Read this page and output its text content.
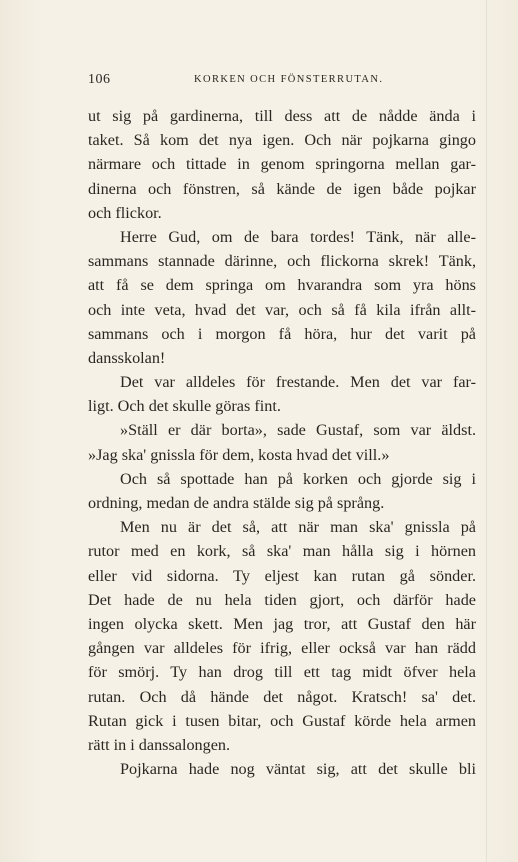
106	KORKEN OCH FÖNSTERRUTAN.
ut sig på gardinerna, till dess att de nådde ända i
taket. Så kom det nya igen. Och när pojkarna gingo
närmare och tittade in genom springorna mellan gar-
dinerna och fönstren, så kände de igen både pojkar
och flickor.
Herre Gud, om de bara tordes! Tänk, när alle-
sammans stannade därinne, och flickorna skrek! Tänk,
att få se dem springa om hvarandra som yra höns
och inte veta, hvad det var, och så få kila ifrån allt-
sammans och i morgon få höra, hur det varit på
dansskolan!
Det var alldeles för frestande. Men det var far-
ligt. Och det skulle göras fint.
»Ställ er där borta», sade Gustaf, som var äldst.
»Jag ska' gnissla för dem, kosta hvad det vill.»
Och så spottade han på korken och gjorde sig i
ordning, medan de andra stälde sig på språng.
Men nu är det så, att när man ska' gnissla på
rutor med en kork, så ska' man hålla sig i hörnen
eller vid sidorna. Ty eljest kan rutan gå sönder.
Det hade de nu hela tiden gjort, och därför hade
ingen olycka skett. Men jag tror, att Gustaf den här
gången var alldeles för ifrig, eller också var han rädd
för smörj. Ty han drog till ett tag midt öfver hela
rutan. Och då hände det något. Kratsch! sa' det.
Rutan gick i tusen bitar, och Gustaf körde hela armen
rätt in i danssalongen.
Pojkarna hade nog väntat sig, att det skulle bli
